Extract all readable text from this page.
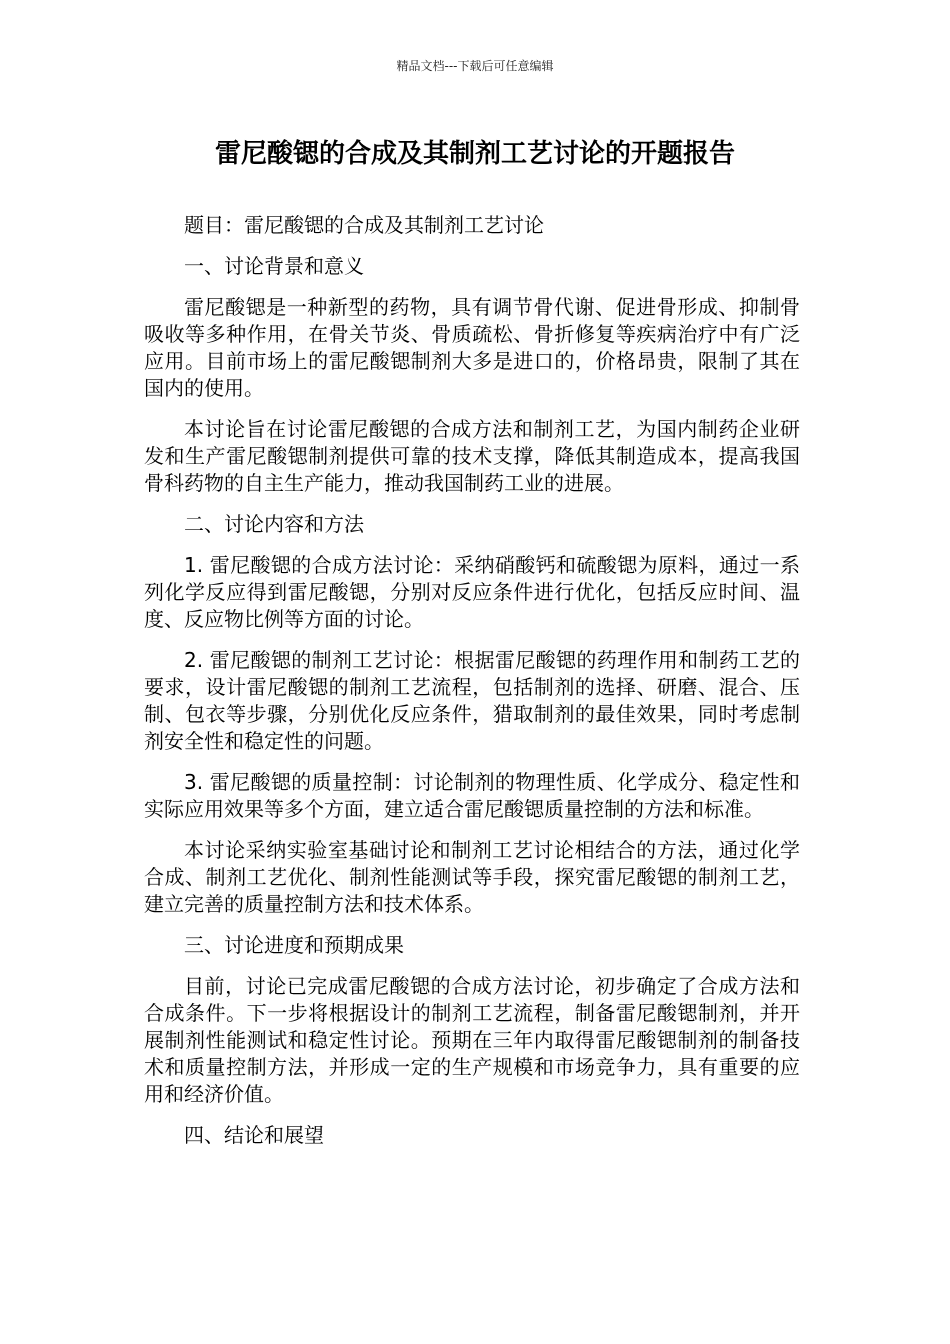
精品文档---下载后可任意编辑
雷尼酸锶的合成及其制剂工艺讨论的开题报告

题目：雷尼酸锶的合成及其制剂工艺讨论

一、讨论背景和意义

雷尼酸锶是一种新型的药物，具有调节骨代谢、促进骨形成、抑制骨吸收等多种作用，在骨关节炎、骨质疏松、骨折修复等疾病治疗中有广泛应用。目前市场上的雷尼酸锶制剂大多是进口的，价格昂贵，限制了其在国内的使用。

本讨论旨在讨论雷尼酸锶的合成方法和制剂工艺，为国内制药企业研发和生产雷尼酸锶制剂提供可靠的技术支撑，降低其制造成本，提高我国骨科药物的自主生产能力，推动我国制药工业的进展。

二、讨论内容和方法

1. 雷尼酸锶的合成方法讨论：采纳硝酸钙和硫酸锶为原料，通过一系列化学反应得到雷尼酸锶，分别对反应条件进行优化，包括反应时间、温度、反应物比例等方面的讨论。

2. 雷尼酸锶的制剂工艺讨论：根据雷尼酸锶的药理作用和制药工艺的要求，设计雷尼酸锶的制剂工艺流程，包括制剂的选择、研磨、混合、压制、包衣等步骤，分别优化反应条件，猎取制剂的最佳效果，同时考虑制剂安全性和稳定性的问题。

3. 雷尼酸锶的质量控制：讨论制剂的物理性质、化学成分、稳定性和实际应用效果等多个方面，建立适合雷尼酸锶质量控制的方法和标准。

本讨论采纳实验室基础讨论和制剂工艺讨论相结合的方法，通过化学合成、制剂工艺优化、制剂性能测试等手段，探究雷尼酸锶的制剂工艺，建立完善的质量控制方法和技术体系。

三、讨论进度和预期成果

目前，讨论已完成雷尼酸锶的合成方法讨论，初步确定了合成方法和合成条件。下一步将根据设计的制剂工艺流程，制备雷尼酸锶制剂，并开展制剂性能测试和稳定性讨论。预期在三年内取得雷尼酸锶制剂的制备技术和质量控制方法，并形成一定的生产规模和市场竞争力，具有重要的应用和经济价值。

四、结论和展望
